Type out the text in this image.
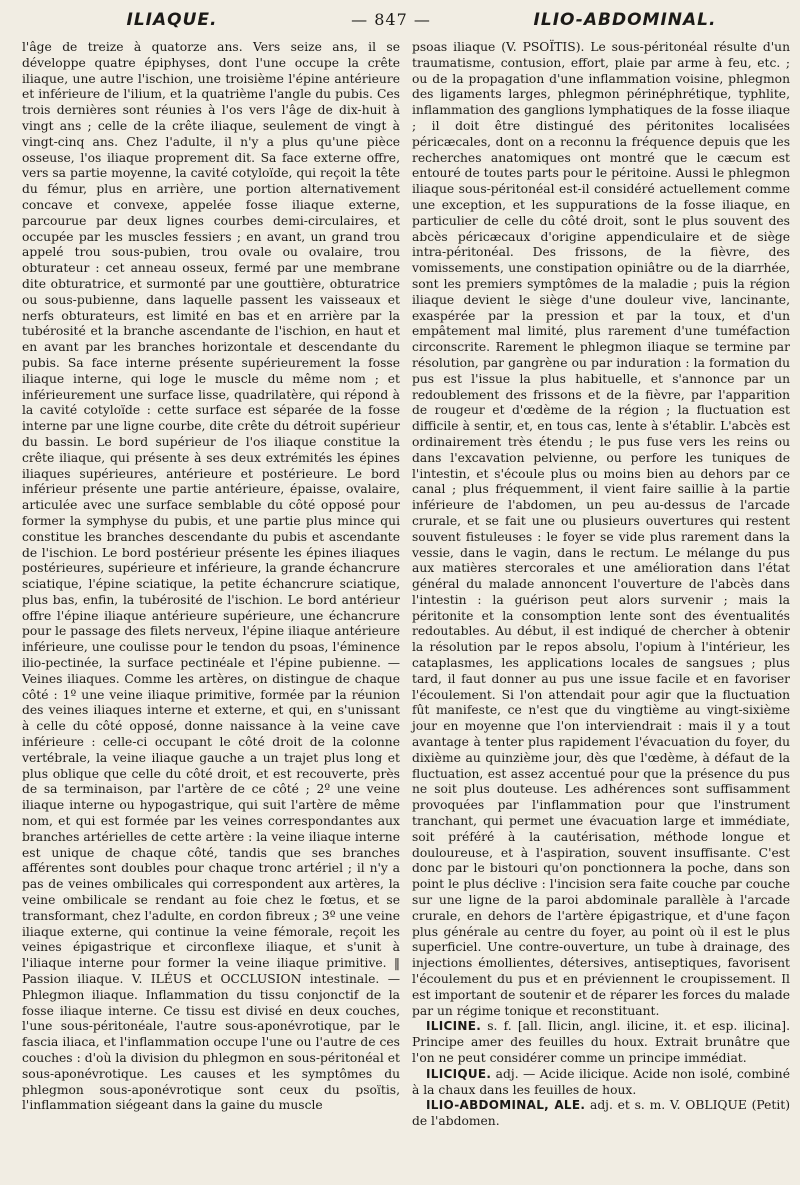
ILIAQUE.	— 847 —	ILIO-ABDOMINAL.

l'âge de treize à quatorze ans. Vers seize ans, il se développe quatre épiphyses, dont l'une occupe la crête iliaque, une autre l'ischion, une troisième l'épine antérieure et inférieure de l'ilium, et la quatrième l'angle du pubis. Ces trois dernières sont réunies à l'os vers l'âge de dix-huit à vingt ans ; celle de la crête iliaque, seulement de vingt à vingt-cinq ans. Chez l'adulte, il n'y a plus qu'une pièce osseuse, l'os iliaque proprement dit. Sa face externe offre, vers sa partie moyenne, la cavité cotyloïde, qui reçoit la tête du fémur, plus en arrière, une portion alternativement concave et convexe, appelée fosse iliaque externe, parcourue par deux lignes courbes demi-circulaires, et occupée par les muscles fessiers ; en avant, un grand trou appelé trou sous-pubien, trou ovale ou ovalaire, trou obturateur : cet anneau osseux, fermé par une membrane dite obturatrice, et surmonté par une gouttière, obturatrice ou sous-pubienne, dans laquelle passent les vaisseaux et nerfs obturateurs, est limité en bas et en arrière par la tubérosité et la branche ascendante de l'ischion, en haut et en avant par les branches horizontale et descendante du pubis. Sa face interne présente supérieurement la fosse iliaque interne, qui loge le muscle du même nom ; et inférieurement une surface lisse, quadrilatère, qui répond à la cavité cotyloïde : cette surface est séparée de la fosse interne par une ligne courbe, dite crête du détroit supérieur du bassin. Le bord supérieur de l'os iliaque constitue la crête iliaque, qui présente à ses deux extrémités les épines iliaques supérieures, antérieure et postérieure. Le bord inférieur présente une partie antérieure, épaisse, ovalaire, articulée avec une surface semblable du côté opposé pour former la symphyse du pubis, et une partie plus mince qui constitue les branches descendante du pubis et ascendante de l'ischion. Le bord postérieur présente les épines iliaques postérieures, supérieure et inférieure, la grande échancrure sciatique, l'épine sciatique, la petite échancrure sciatique, plus bas, enfin, la tubérosité de l'ischion. Le bord antérieur offre l'épine iliaque antérieure supérieure, une échancrure pour le passage des filets nerveux, l'épine iliaque antérieure inférieure, une coulisse pour le tendon du psoas, l'éminence ilio-pectinée, la surface pectinéale et l'épine pubienne. — Veines iliaques. Comme les artères, on distingue de chaque côté : 1º une veine iliaque primitive, formée par la réunion des veines iliaques interne et externe, et qui, en s'unissant à celle du côté opposé, donne naissance à la veine cave inférieure : celle-ci occupant le côté droit de la colonne vertébrale, la veine iliaque gauche a un trajet plus long et plus oblique que celle du côté droit, et est recouverte, près de sa terminaison, par l'artère de ce côté ; 2º une veine iliaque interne ou hypogastrique, qui suit l'artère de même nom, et qui est formée par les veines correspondantes aux branches artérielles de cette artère : la veine iliaque interne est unique de chaque côté, tandis que ses branches afférentes sont doubles pour chaque tronc artériel ; il n'y a pas de veines ombilicales qui correspondent aux artères, la veine ombilicale se rendant au foie chez le fœtus, et se transformant, chez l'adulte, en cordon fibreux ; 3º une veine iliaque externe, qui continue la veine fémorale, reçoit les veines épigastrique et circonflexe iliaque, et s'unit à l'iliaque interne pour former la veine iliaque primitive. ‖ Passion iliaque. V. ILÉUS et OCCLUSION intestinale. — Phlegmon iliaque. Inflammation du tissu conjonctif de la fosse iliaque interne. Ce tissu est divisé en deux couches, l'une sous-péritonéale, l'autre sous-aponévrotique, par le fascia iliaca, et l'inflammation occupe l'une ou l'autre de ces couches : d'où la division du phlegmon en sous-péritonéal et sous-aponévrotique. Les causes et les symptômes du phlegmon sous-aponévrotique sont ceux du psoïtis, l'inflammation siégeant dans la gaine du muscle

psoas iliaque (V. PSOÏTIS). Le sous-péritonéal résulte d'un traumatisme, contusion, effort, plaie par arme à feu, etc. ; ou de la propagation d'une inflammation voisine, phlegmon des ligaments larges, phlegmon périnéphrétique, typhlite, inflammation des ganglions lymphatiques de la fosse iliaque ; il doit être distingué des péritonites localisées péricæcales, dont on a reconnu la fréquence depuis que les recherches anatomiques ont montré que le cæcum est entouré de toutes parts pour le péritoine. Aussi le phlegmon iliaque sous-péritonéal est-il considéré actuellement comme une exception, et les suppurations de la fosse iliaque, en particulier de celle du côté droit, sont le plus souvent des abcès péricæcaux d'origine appendiculaire et de siège intra-péritonéal. Des frissons, de la fièvre, des vomissements, une constipation opiniâtre ou de la diarrhée, sont les premiers symptômes de la maladie ; puis la région iliaque devient le siège d'une douleur vive, lancinante, exaspérée par la pression et par la toux, et d'un empâtement mal limité, plus rarement d'une tuméfaction circonscrite. Rarement le phlegmon iliaque se termine par résolution, par gangrène ou par induration : la formation du pus est l'issue la plus habituelle, et s'annonce par un redoublement des frissons et de la fièvre, par l'apparition de rougeur et d'œdème de la région ; la fluctuation est difficile à sentir, et, en tous cas, lente à s'établir. L'abcès est ordinairement très étendu ; le pus fuse vers les reins ou dans l'excavation pelvienne, ou perfore les tuniques de l'intestin, et s'écoule plus ou moins bien au dehors par ce canal ; plus fréquemment, il vient faire saillie à la partie inférieure de l'abdomen, un peu au-dessus de l'arcade crurale, et se fait une ou plusieurs ouvertures qui restent souvent fistuleuses : le foyer se vide plus rarement dans la vessie, dans le vagin, dans le rectum. Le mélange du pus aux matières stercorales et une amélioration dans l'état général du malade annoncent l'ouverture de l'abcès dans l'intestin : la guérison peut alors survenir ; mais la péritonite et la consomption lente sont des éventualités redoutables. Au début, il est indiqué de chercher à obtenir la résolution par le repos absolu, l'opium à l'intérieur, les cataplasmes, les applications locales de sangsues ; plus tard, il faut donner au pus une issue facile et en favoriser l'écoulement. Si l'on attendait pour agir que la fluctuation fût manifeste, ce n'est que du vingtième au vingt-sixième jour en moyenne que l'on interviendrait : mais il y a tout avantage à tenter plus rapidement l'évacuation du foyer, du dixième au quinzième jour, dès que l'œdème, à défaut de la fluctuation, est assez accentué pour que la présence du pus ne soit plus douteuse. Les adhérences sont suffisamment provoquées par l'inflammation pour que l'instrument tranchant, qui permet une évacuation large et immédiate, soit préféré à la cautérisation, méthode longue et douloureuse, et à l'aspiration, souvent insuffisante. C'est donc par le bistouri qu'on ponctionnera la poche, dans son point le plus déclive : l'incision sera faite couche par couche sur une ligne de la paroi abdominale parallèle à l'arcade crurale, en dehors de l'artère épigastrique, et d'une façon plus générale au centre du foyer, au point où il est le plus superficiel. Une contre-ouverture, un tube à drainage, des injections émollientes, détersives, antiseptiques, favorisent l'écoulement du pus et en préviennent le croupissement. Il est important de soutenir et de réparer les forces du malade par un régime tonique et reconstituant.

ILICINE. s. f. [all. Ilicin, angl. ilicine, it. et esp. ilicina]. Principe amer des feuilles du houx. Extrait brunâtre que l'on ne peut considérer comme un principe immédiat.

ILICIQUE. adj. — Acide ilicique. Acide non isolé, combiné à la chaux dans les feuilles de houx.

ILIO-ABDOMINAL, ALE. adj. et s. m. V. OBLIQUE (Petit) de l'abdomen.
